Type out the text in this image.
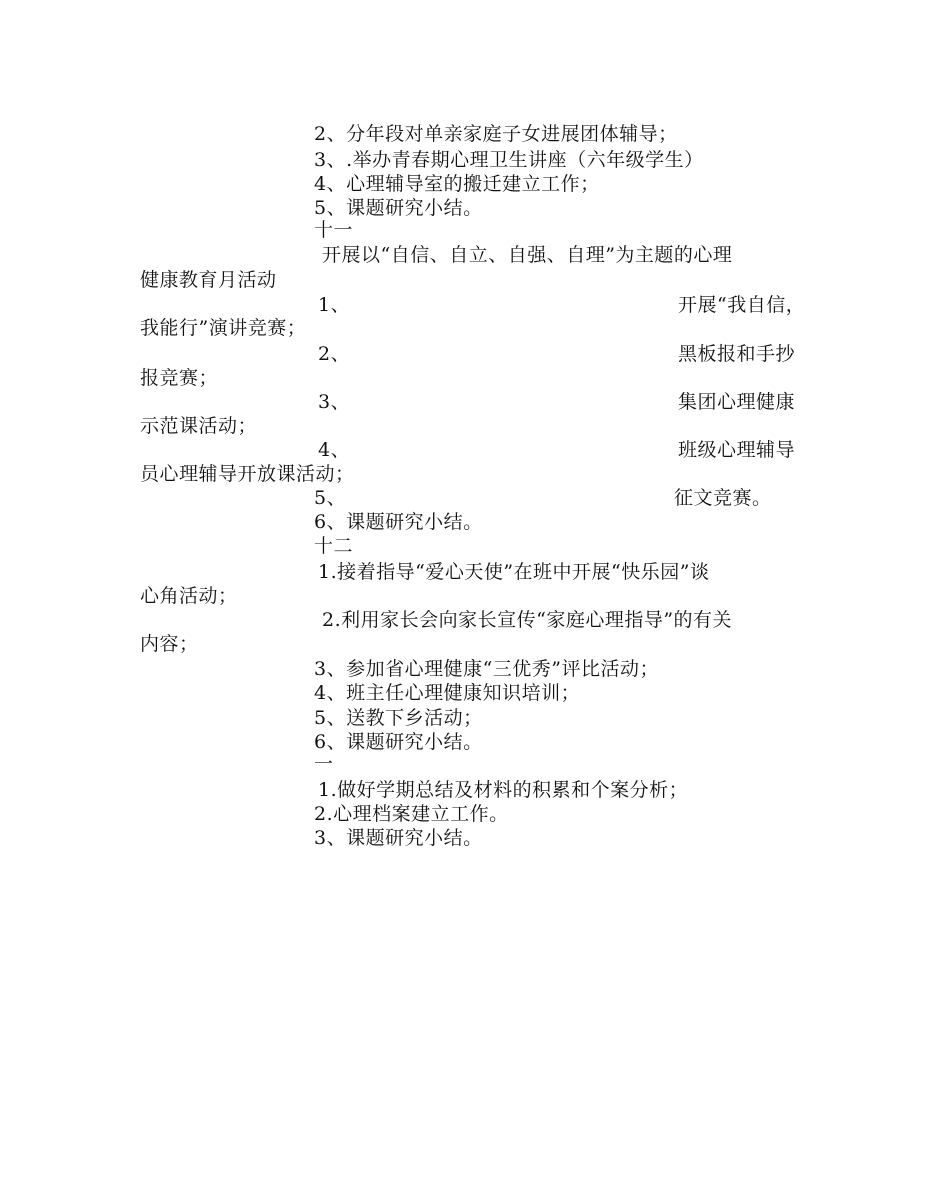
2、分年段对单亲家庭子女进展团体辅导；
3、.举办青春期心理卫生讲座（六年级学生）
4、心理辅导室的搬迁建立工作；
5、课题研究小结。
十一
开展以“自信、自立、自强、自理”为主题的心理
健康教育月活动
1、	开展“我自信，
我能行”演讲竞赛；
2、	黑板报和手抄
报竞赛；
3、	集团心理健康
示范课活动；
4、	班级心理辅导
员心理辅导开放课活动；
5、	征文竞赛。
6、课题研究小结。
十二
1.接着指导“爱心天使”在班中开展“快乐园”谈
心角活动；
2.利用家长会向家长宣传“家庭心理指导”的有关
内容；
3、参加省心理健康“三优秀”评比活动；
4、班主任心理健康知识培训；
5、送教下乡活动；
6、课题研究小结。
一
1.做好学期总结及材料的积累和个案分析；
2.心理档案建立工作。
3、课题研究小结。
